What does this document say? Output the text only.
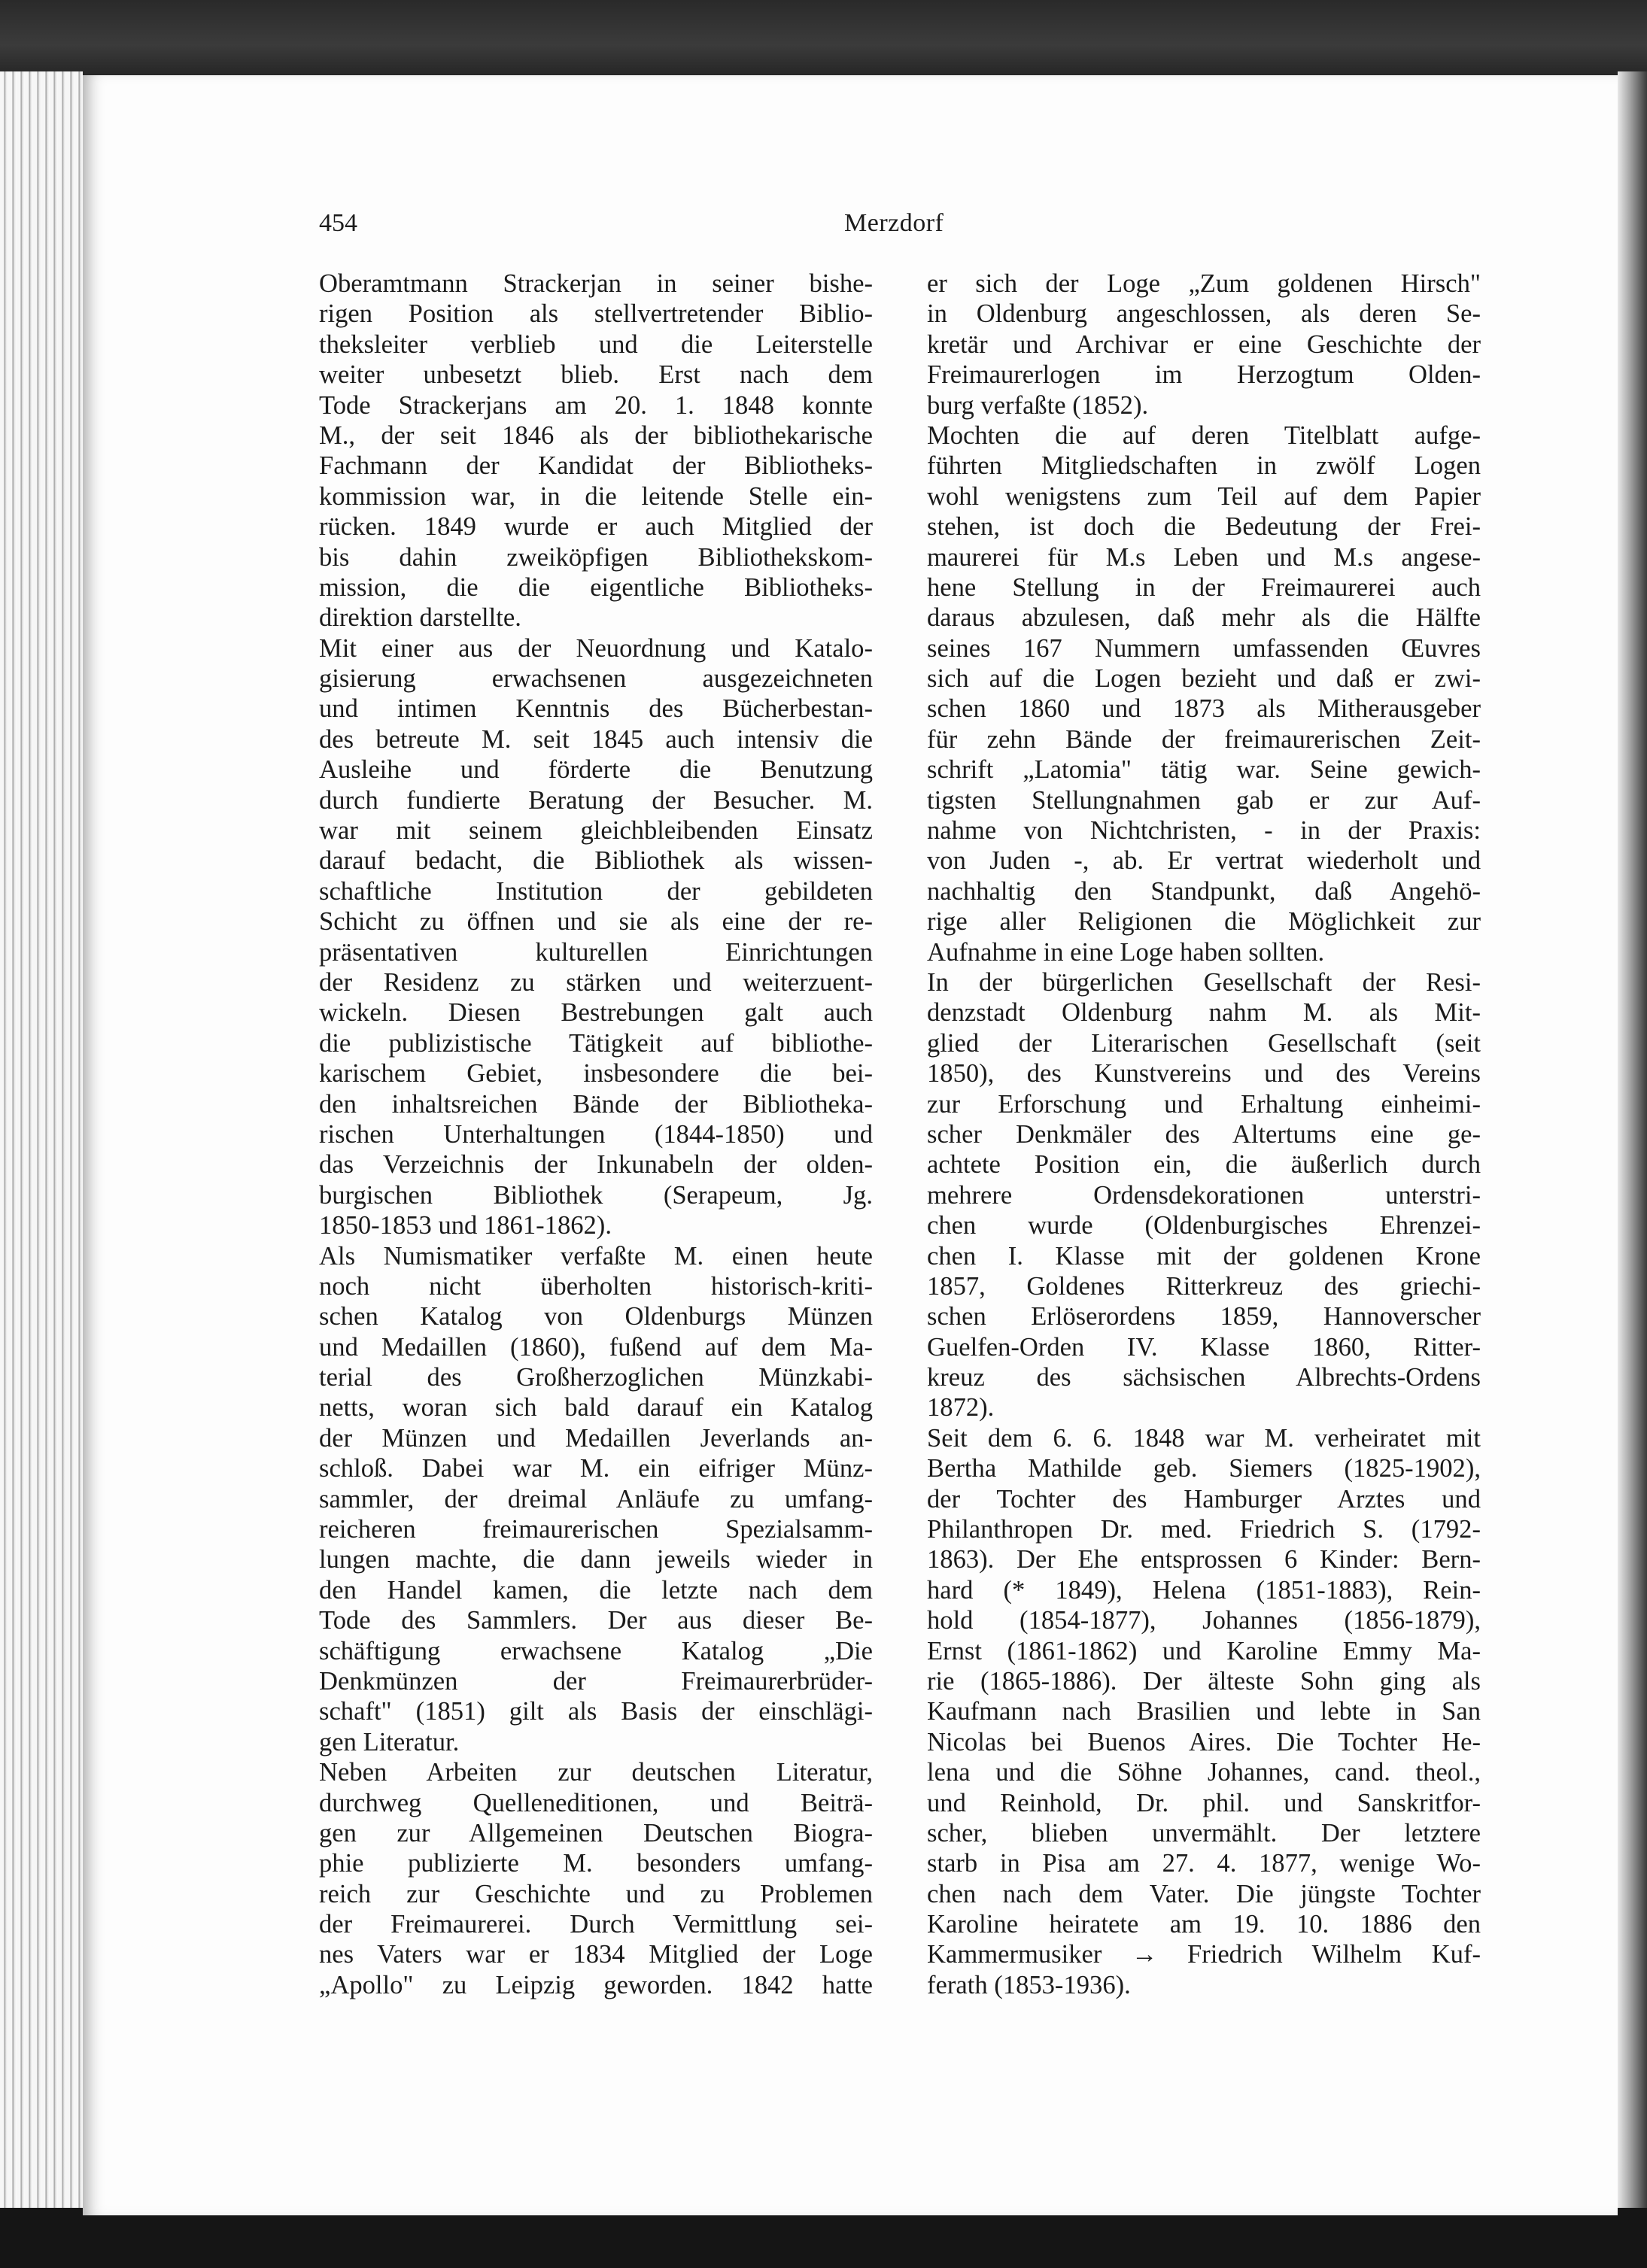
454	Merzdorf
Oberamtmann Strackerjan in seiner bishe-
rigen Position als stellvertretender Biblio-
theksleiter verblieb und die Leiterstelle
weiter unbesetzt blieb. Erst nach dem
Tode Strackerjans am 20. 1. 1848 konnte
M., der seit 1846 als der bibliothekarische
Fachmann der Kandidat der Bibliotheks-
kommission war, in die leitende Stelle ein-
rücken. 1849 wurde er auch Mitglied der
bis dahin zweiköpfigen Bibliothekskom-
mission, die die eigentliche Bibliotheks-
direktion darstellte.
Mit einer aus der Neuordnung und Katalo-
gisierung erwachsenen ausgezeichneten
und intimen Kenntnis des Bücherbestan-
des betreute M. seit 1845 auch intensiv die
Ausleihe und förderte die Benutzung
durch fundierte Beratung der Besucher. M.
war mit seinem gleichbleibenden Einsatz
darauf bedacht, die Bibliothek als wissen-
schaftliche Institution der gebildeten
Schicht zu öffnen und sie als eine der re-
präsentativen kulturellen Einrichtungen
der Residenz zu stärken und weiterzuent-
wickeln. Diesen Bestrebungen galt auch
die publizistische Tätigkeit auf bibliothe-
karischem Gebiet, insbesondere die bei-
den inhaltsreichen Bände der Bibliotheka-
rischen Unterhaltungen (1844-1850) und
das Verzeichnis der Inkunabeln der olden-
burgischen Bibliothek (Serapeum, Jg.
1850-1853 und 1861-1862).
Als Numismatiker verfaßte M. einen heute
noch nicht überholten historisch-kriti-
schen Katalog von Oldenburgs Münzen
und Medaillen (1860), fußend auf dem Ma-
terial des Großherzoglichen Münzkabi-
netts, woran sich bald darauf ein Katalog
der Münzen und Medaillen Jeverlands an-
schloß. Dabei war M. ein eifriger Münz-
sammler, der dreimal Anläufe zu umfang-
reicheren freimaurerischen Spezialsamm-
lungen machte, die dann jeweils wieder in
den Handel kamen, die letzte nach dem
Tode des Sammlers. Der aus dieser Be-
schäftigung erwachsene Katalog „Die
Denkmünzen der Freimaurerbrüder-
schaft" (1851) gilt als Basis der einschlägi-
gen Literatur.
Neben Arbeiten zur deutschen Literatur,
durchweg Quelleneditionen, und Beiträ-
gen zur Allgemeinen Deutschen Biogra-
phie publizierte M. besonders umfang-
reich zur Geschichte und zu Problemen
der Freimaurerei. Durch Vermittlung sei-
nes Vaters war er 1834 Mitglied der Loge
„Apollo" zu Leipzig geworden. 1842 hatte
er sich der Loge „Zum goldenen Hirsch"
in Oldenburg angeschlossen, als deren Se-
kretär und Archivar er eine Geschichte der
Freimaurerlogen im Herzogtum Olden-
burg verfaßte (1852).
Mochten die auf deren Titelblatt aufge-
führten Mitgliedschaften in zwölf Logen
wohl wenigstens zum Teil auf dem Papier
stehen, ist doch die Bedeutung der Frei-
maurerei für M.s Leben und M.s angese-
hene Stellung in der Freimaurerei auch
daraus abzulesen, daß mehr als die Hälfte
seines 167 Nummern umfassenden Œuvres
sich auf die Logen bezieht und daß er zwi-
schen 1860 und 1873 als Mitherausgeber
für zehn Bände der freimaurerischen Zeit-
schrift „Latomia" tätig war. Seine gewich-
tigsten Stellungnahmen gab er zur Auf-
nahme von Nichtchristen, - in der Praxis:
von Juden -, ab. Er vertrat wiederholt und
nachhaltig den Standpunkt, daß Angehö-
rige aller Religionen die Möglichkeit zur
Aufnahme in eine Loge haben sollten.
In der bürgerlichen Gesellschaft der Resi-
denzstadt Oldenburg nahm M. als Mit-
glied der Literarischen Gesellschaft (seit
1850), des Kunstvereins und des Vereins
zur Erforschung und Erhaltung einheimi-
scher Denkmäler des Altertums eine ge-
achtete Position ein, die äußerlich durch
mehrere Ordensdekorationen unterstri-
chen wurde (Oldenburgisches Ehrenzei-
chen I. Klasse mit der goldenen Krone
1857, Goldenes Ritterkreuz des griechi-
schen Erlöserordens 1859, Hannoverscher
Guelfen-Orden IV. Klasse 1860, Ritter-
kreuz des sächsischen Albrechts-Ordens
1872).
Seit dem 6. 6. 1848 war M. verheiratet mit
Bertha Mathilde geb. Siemers (1825-1902),
der Tochter des Hamburger Arztes und
Philanthropen Dr. med. Friedrich S. (1792-
1863). Der Ehe entsprossen 6 Kinder: Bern-
hard (* 1849), Helena (1851-1883), Rein-
hold (1854-1877), Johannes (1856-1879),
Ernst (1861-1862) und Karoline Emmy Ma-
rie (1865-1886). Der älteste Sohn ging als
Kaufmann nach Brasilien und lebte in San
Nicolas bei Buenos Aires. Die Tochter He-
lena und die Söhne Johannes, cand. theol.,
und Reinhold, Dr. phil. und Sanskritfor-
scher, blieben unvermählt. Der letztere
starb in Pisa am 27. 4. 1877, wenige Wo-
chen nach dem Vater. Die jüngste Tochter
Karoline heiratete am 19. 10. 1886 den
Kammermusiker → Friedrich Wilhelm Kuf-
ferath (1853-1936).
